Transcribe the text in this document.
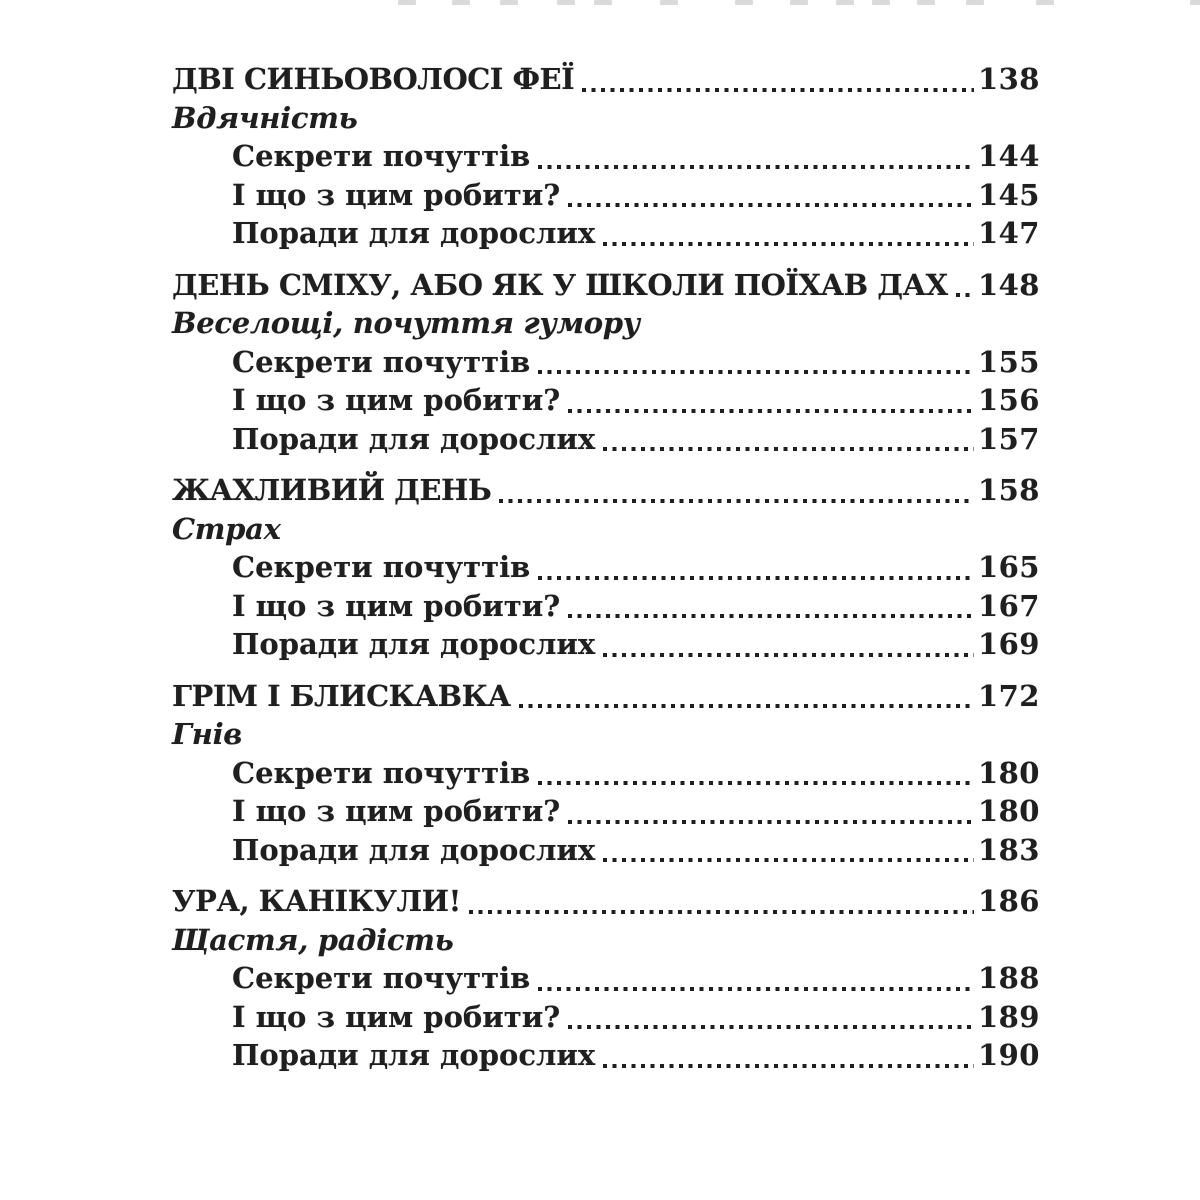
ДВІ СИНЬОВОЛОСІ ФЕЇ	138
Вдячність
Секрети почуттів	144
І що з цим робити?	145
Поради для дорослих	147
ДЕНЬ СМІХУ, АБО ЯК У ШКОЛИ ПОЇХАВ ДАХ 148
Веселощі, почуття гумору
Секрети почуттів	155
І що з цим робити?	156
Поради для дорослих	157
ЖАХЛИВИЙ ДЕНЬ	158
Страх
Секрети почуттів	165
І що з цим робити?	167
Поради для дорослих	169
ГРІМ І БЛИСКАВКА	172
Гнів
Секрети почуттів	180
І що з цим робити?	180
Поради для дорослих	183
УРА, КАНІКУЛИ!	186
Щастя, радість
Секрети почуттів	188
І що з цим робити?	189
Поради для дорослих	190
